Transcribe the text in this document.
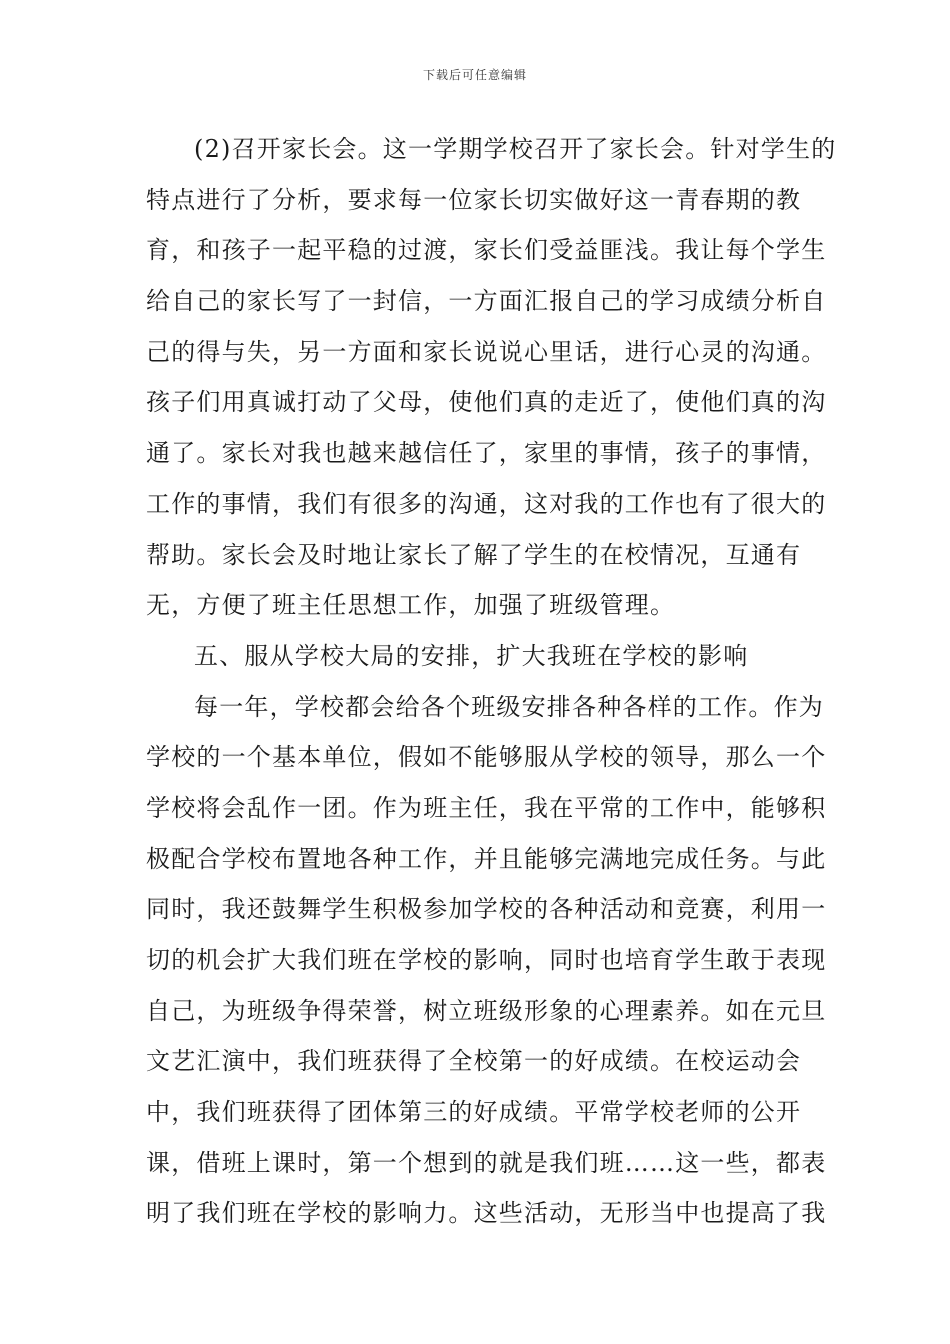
下载后可任意编辑
(2)召开家长会。这一学期学校召开了家长会。针对学生的
特点进行了分析，要求每一位家长切实做好这一青春期的教
育，和孩子一起平稳的过渡，家长们受益匪浅。我让每个学生
给自己的家长写了一封信，一方面汇报自己的学习成绩分析自
己的得与失，另一方面和家长说说心里话，进行心灵的沟通。
孩子们用真诚打动了父母，使他们真的走近了，使他们真的沟
通了。家长对我也越来越信任了，家里的事情，孩子的事情，
工作的事情，我们有很多的沟通，这对我的工作也有了很大的
帮助。家长会及时地让家长了解了学生的在校情况，互通有
无，方便了班主任思想工作，加强了班级管理。
五、服从学校大局的安排，扩大我班在学校的影响
每一年，学校都会给各个班级安排各种各样的工作。作为
学校的一个基本单位，假如不能够服从学校的领导，那么一个
学校将会乱作一团。作为班主任，我在平常的工作中，能够积
极配合学校布置地各种工作，并且能够完满地完成任务。与此
同时，我还鼓舞学生积极参加学校的各种活动和竞赛，利用一
切的机会扩大我们班在学校的影响，同时也培育学生敢于表现
自己，为班级争得荣誉，树立班级形象的心理素养。如在元旦
文艺汇演中，我们班获得了全校第一的好成绩。在校运动会
中，我们班获得了团体第三的好成绩。平常学校老师的公开
课，借班上课时，第一个想到的就是我们班……这一些，都表
明了我们班在学校的影响力。这些活动，无形当中也提高了我
